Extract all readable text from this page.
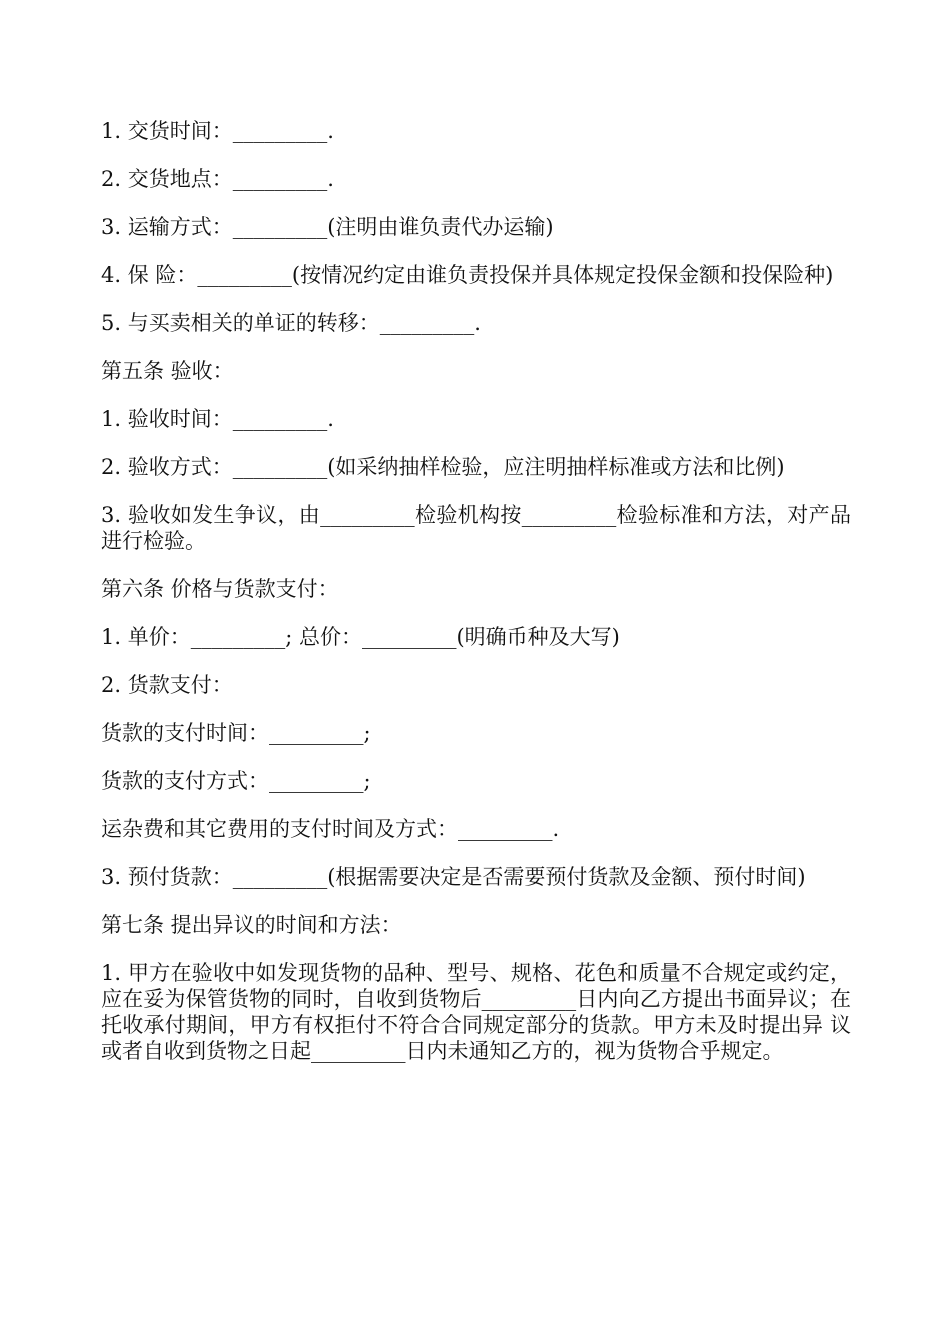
1. 交货时间：_________.

2. 交货地点：_________.

3. 运输方式：_________(注明由谁负责代办运输)

4. 保 险：_________(按情况约定由谁负责投保并具体规定投保金额和投保险种)

5. 与买卖相关的单证的转移：_________.

第五条 验收：

1. 验收时间：_________.

2. 验收方式：_________(如采纳抽样检验，应注明抽样标准或方法和比例)

3. 验收如发生争议，由_________检验机构按_________检验标准和方法，对产品进行检验。

第六条 价格与货款支付：

1. 单价：_________; 总价：_________(明确币种及大写)

2. 货款支付：

货款的支付时间：_________;

货款的支付方式：_________;

运杂费和其它费用的支付时间及方式：_________.

3. 预付货款：_________(根据需要决定是否需要预付货款及金额、预付时间)

第七条 提出异议的时间和方法：

1. 甲方在验收中如发现货物的品种、型号、规格、花色和质量不合规定或约定，应在妥为保管货物的同时，自收到货物后_________日内向乙方提出书面异议；在托收承付期间，甲方有权拒付不符合合同规定部分的货款。甲方未及时提出异 议或者自收到货物之日起_________日内未通知乙方的，视为货物合乎规定。
